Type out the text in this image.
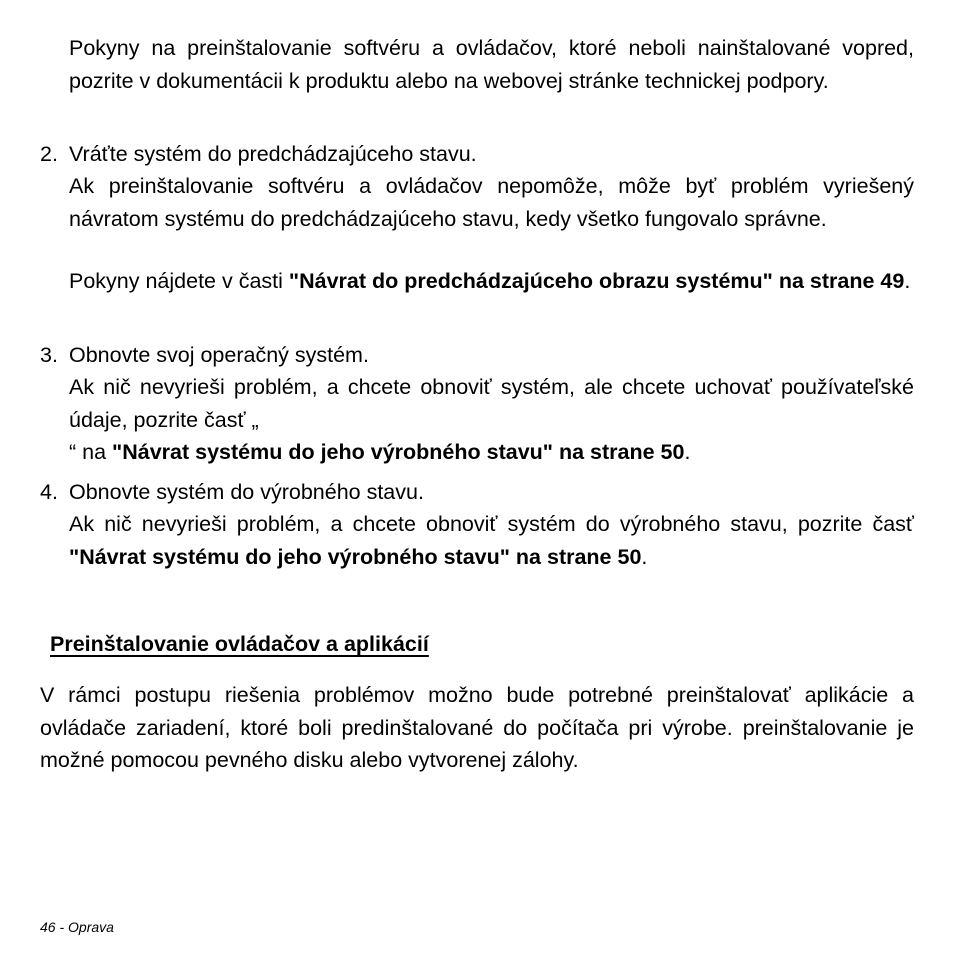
Pokyny na preinštalovanie softvéru a ovládačov, ktoré neboli nainštalované vopred, pozrite v dokumentácii k produktu alebo na webovej stránke technickej podpory.

2. Vráťte systém do predchádzajúceho stavu.

Ak preinštalovanie softvéru a ovládačov nepomôže, môže byť problém vyriešený návratom systému do predchádzajúceho stavu, kedy všetko fungovalo správne.

Pokyny nájdete v časti "Návrat do predchádzajúceho obrazu systému" na strane 49.

3. Obnovte svoj operačný systém.

Ak nič nevyrieši problém, a chcete obnoviť systém, ale chcete uchovať používateľské údaje, pozrite časť „

“ na "Návrat systému do jeho výrobného stavu" na strane 50.

4. Obnovte systém do výrobného stavu.

Ak nič nevyrieši problém, a chcete obnoviť systém do výrobného stavu, pozrite časť "Návrat systému do jeho výrobného stavu" na strane 50.

Preinštalovanie ovládačov a aplikácií

V rámci postupu riešenia problémov možno bude potrebné preinštalovať aplikácie a ovládače zariadení, ktoré boli predinštalované do počítača pri výrobe. preinštalovanie je možné pomocou pevného disku alebo vytvorenej zálohy.

46 - Oprava
